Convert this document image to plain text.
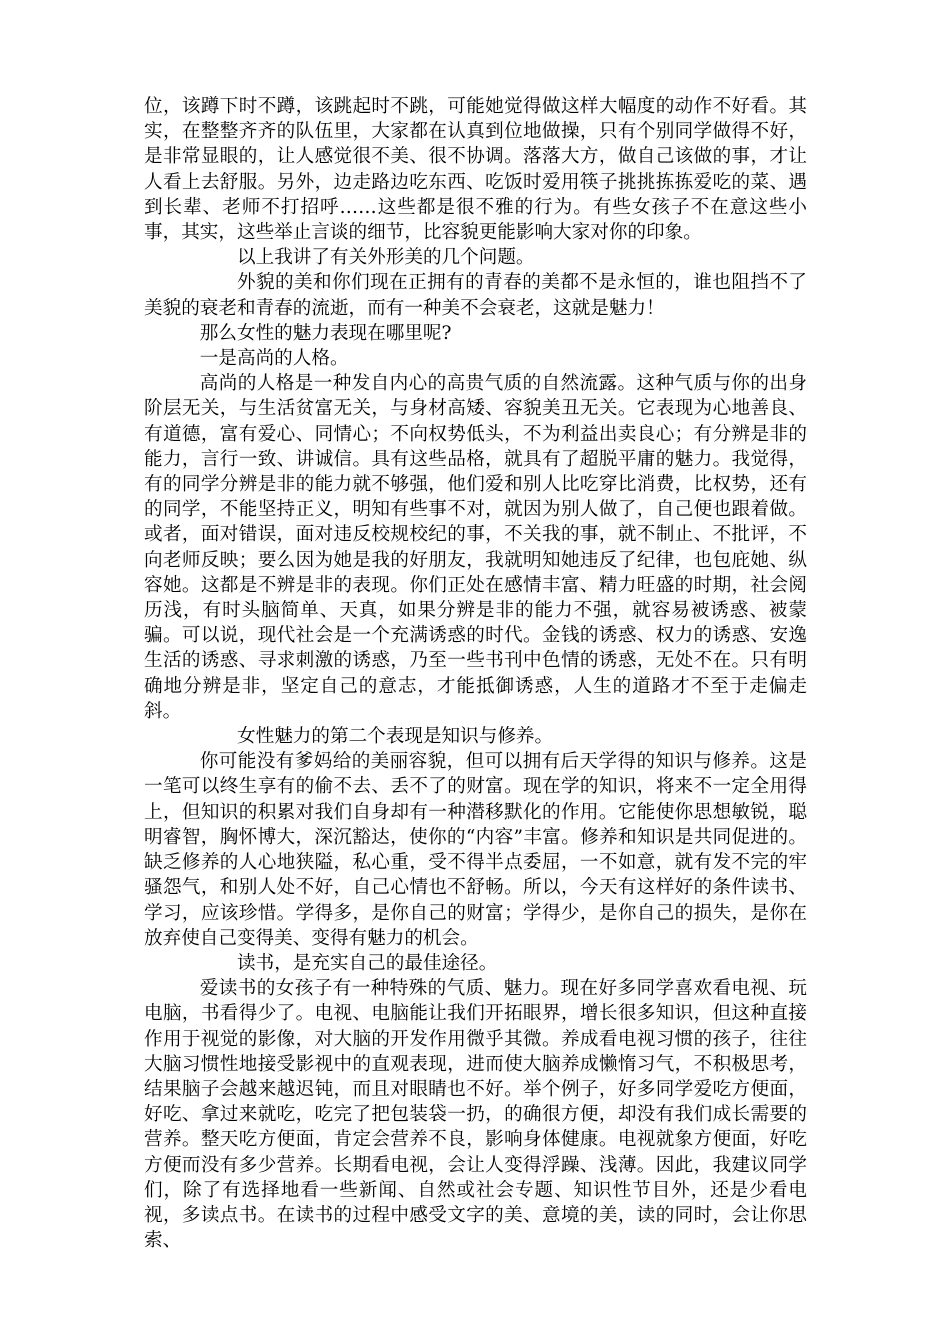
位，该蹲下时不蹲，该跳起时不跳，可能她觉得做这样大幅度的动作不好看。其实，在整整齐齐的队伍里，大家都在认真到位地做操，只有个别同学做得不好，是非常显眼的，让人感觉很不美、很不协调。落落大方，做自己该做的事，才让人看上去舒服。另外，边走路边吃东西、吃饭时爱用筷子挑挑拣拣爱吃的菜、遇到长辈、老师不打招呼……这些都是很不雅的行为。有些女孩子不在意这些小事，其实，这些举止言谈的细节，比容貌更能影响大家对你的印象。

以上我讲了有关外形美的几个问题。

外貌的美和你们现在正拥有的青春的美都不是永恒的，谁也阻挡不了美貌的衰老和青春的流逝，而有一种美不会衰老，这就是魅力！

那么女性的魅力表现在哪里呢?

一是高尚的人格。

高尚的人格是一种发自内心的高贵气质的自然流露。这种气质与你的出身阶层无关，与生活贫富无关，与身材高矮、容貌美丑无关。它表现为心地善良、有道德，富有爱心、同情心；不向权势低头，不为利益出卖良心；有分辨是非的能力，言行一致、讲诚信。具有这些品格，就具有了超脱平庸的魅力。我觉得，有的同学分辨是非的能力就不够强，他们爱和别人比吃穿比消费，比权势，还有的同学，不能坚持正义，明知有些事不对，就因为别人做了，自己便也跟着做。或者，面对错误，面对违反校规校纪的事，不关我的事，就不制止、不批评，不向老师反映；要么因为她是我的好朋友，我就明知她违反了纪律，也包庇她、纵容她。这都是不辨是非的表现。你们正处在感情丰富、精力旺盛的时期，社会阅历浅，有时头脑简单、天真，如果分辨是非的能力不强，就容易被诱惑、被蒙骗。可以说，现代社会是一个充满诱惑的时代。金钱的诱惑、权力的诱惑、安逸生活的诱惑、寻求刺激的诱惑，乃至一些书刊中色情的诱惑，无处不在。只有明确地分辨是非，坚定自己的意志，才能抵御诱惑，人生的道路才不至于走偏走斜。

女性魅力的第二个表现是知识与修养。

你可能没有爹妈给的美丽容貌，但可以拥有后天学得的知识与修养。这是一笔可以终生享有的偷不去、丢不了的财富。现在学的知识，将来不一定全用得上，但知识的积累对我们自身却有一种潜移默化的作用。它能使你思想敏锐，聪明睿智，胸怀博大，深沉豁达，使你的“内容”丰富。修养和知识是共同促进的。缺乏修养的人心地狭隘，私心重，受不得半点委屈，一不如意，就有发不完的牢骚怨气，和别人处不好，自己心情也不舒畅。所以，今天有这样好的条件读书、学习，应该珍惜。学得多，是你自己的财富；学得少，是你自己的损失，是你在放弃使自己变得美、变得有魅力的机会。

读书，是充实自己的最佳途径。

爱读书的女孩子有一种特殊的气质、魅力。现在好多同学喜欢看电视、玩电脑，书看得少了。电视、电脑能让我们开拓眼界，增长很多知识，但这种直接作用于视觉的影像，对大脑的开发作用微乎其微。养成看电视习惯的孩子，往往大脑习惯性地接受影视中的直观表现，进而使大脑养成懒惰习气，不积极思考，结果脑子会越来越迟钝，而且对眼睛也不好。举个例子，好多同学爱吃方便面，好吃、拿过来就吃，吃完了把包装袋一扔，的确很方便，却没有我们成长需要的营养。整天吃方便面，肯定会营养不良，影响身体健康。电视就象方便面，好吃方便而没有多少营养。长期看电视，会让人变得浮躁、浅薄。因此，我建议同学们，除了有选择地看一些新闻、自然或社会专题、知识性节目外，还是少看电视，多读点书。在读书的过程中感受文字的美、意境的美，读的同时，会让你思索、
